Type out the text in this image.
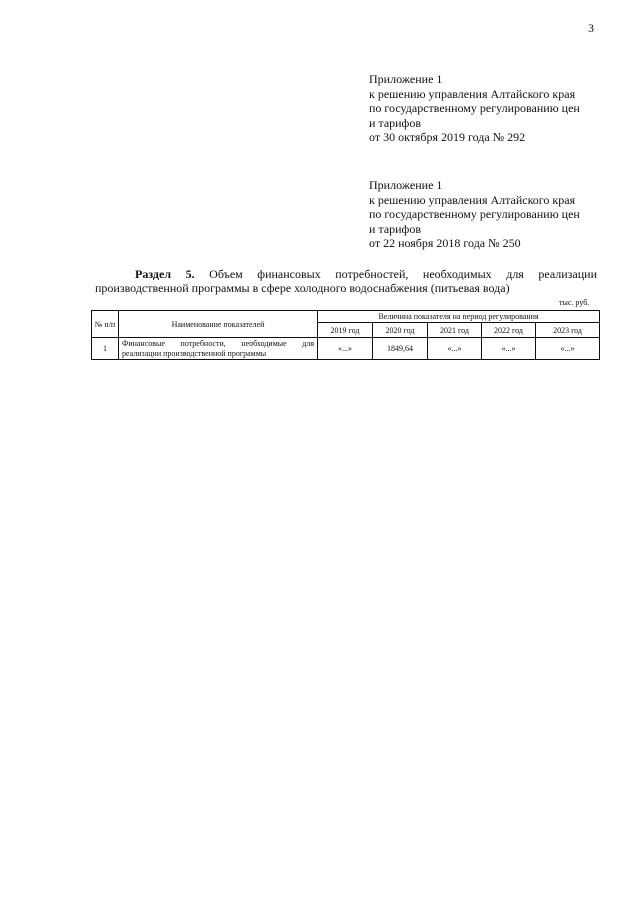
3
Приложение 1
к решению управления Алтайского края
по государственному регулированию цен
и тарифов
от 30 октября 2019 года № 292
Приложение 1
к решению управления Алтайского края
по государственному регулированию цен
и тарифов
от 22 ноября 2018 года № 250
Раздел 5. Объем финансовых потребностей, необходимых для реализации
производственной программы в сфере холодного водоснабжения (питьевая вода)
тыс. руб.
№ п/п	Наименование показателей	Величина показателя на период регулирования				
		2019 год	2020 год	2021 год	2022 год	2023 год
1	Финансовые потребности, необходимые для реализации производственной программы	«...»	1849,64	«...»	«...»	«...»
